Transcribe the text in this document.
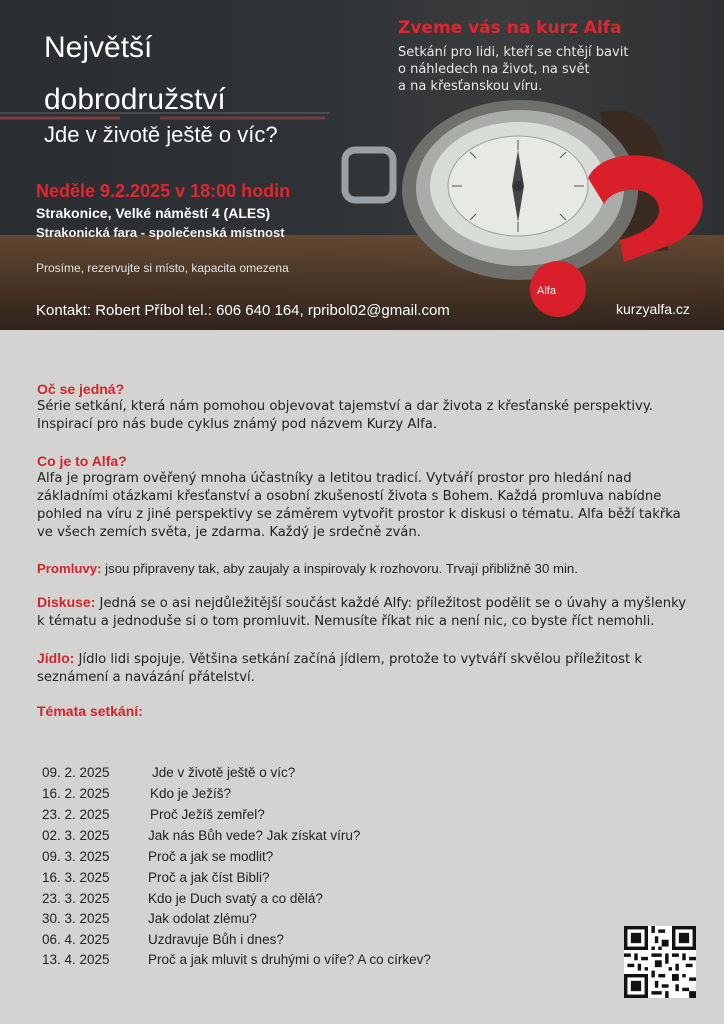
Největší
dobrodružství
Jde v životě ještě o víc?
Zveme vás na kurz Alfa
Setkání pro lidi, kteří se chtějí bavit
o náhledech na život, na svět
a na křesťanskou víru.
Neděle 9.2.2025 v 18:00 hodin
Strakonice, Velké náměstí 4 (ALES)
Strakonická fara - společenská místnost
Prosíme, rezervujte si místo, kapacita omezena
Kontakt: Robert Příbol tel.: 606 640 164, rpribol02@gmail.com	kurzyalfa.cz
Alfa
Oč se jedná?

Série setkání, která nám pomohou objevovat tajemství a dar života z křesťanské perspektivy. Inspirací pro nás bude cyklus známý pod názvem Kurzy Alfa.

Co je to Alfa?

Alfa je program ověřený mnoha účastníky a letitou tradicí. Vytváří prostor pro hledání nad základními otázkami křesťanství a osobní zkušeností života s Bohem. Každá promluva nabídne pohled na víru z jiné perspektivy se záměrem vytvořit prostor k diskusi o tématu. Alfa běží takřka ve všech zemích světa, je zdarma. Každý je srdečně zván.

Promluvy: jsou připraveny tak, aby zaujaly a inspirovaly k rozhovoru. Trvají přibližně 30 min.

Diskuse: Jedná se o asi nejdůležitější součást každé Alfy: příležitost podělit se o úvahy a myšlenky k tématu a jednoduše si o tom promluvit. Nemusíte říkat nic a není nic, co byste říct nemohli.

Jídlo: Jídlo lidi spojuje. Většina setkání začíná jídlem, protože to vytváří skvělou příležitost k seznámení a navázání přátelství.

Témata setkání:
09. 2. 2025	Jde v životě ještě o víc?
16. 2. 2025	Kdo je Ježíš?
23. 2. 2025	Proč Ježíš zemřel?
02. 3. 2025	Jak nás Bůh vede? Jak získat víru?
09. 3. 2025	Proč a jak se modlit?
16. 3. 2025	Proč a jak číst Bibli?
23. 3. 2025	Kdo je Duch svatý a co dělá?
30. 3. 2025	Jak odolat zlému?
06. 4. 2025	Uzdravuje Bůh i dnes?
13. 4. 2025	Proč a jak mluvit s druhými o víře? A co církev?
